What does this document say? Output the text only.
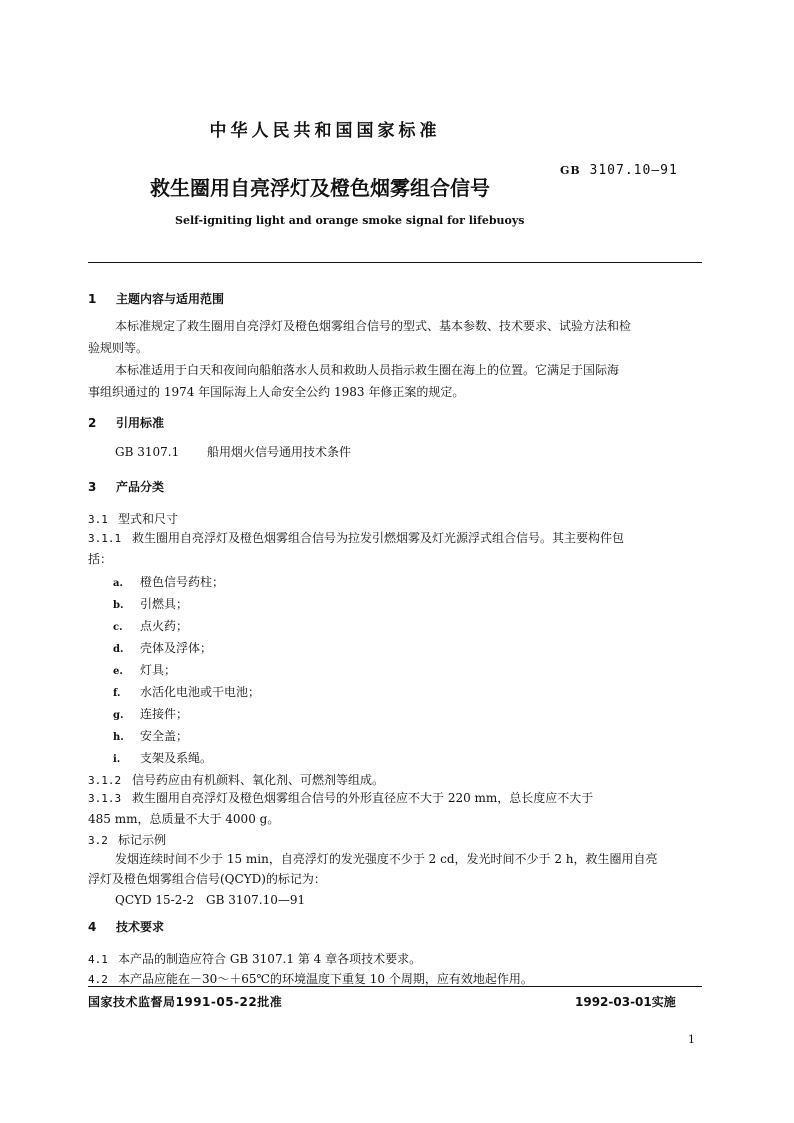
中华人民共和国国家标准
救生圈用自亮浮灯及橙色烟雾组合信号
GB 3107.10—91
Self-igniting light and orange smoke signal for lifebuoys
1 主题内容与适用范围
本标准规定了救生圈用自亮浮灯及橙色烟雾组合信号的型式、基本参数、技术要求、试验方法和检
验规则等。
本标准适用于白天和夜间向船舶落水人员和救助人员指示救生圈在海上的位置。它满足于国际海
事组织通过的 1974 年国际海上人命安全公约 1983 年修正案的规定。
2 引用标准
GB 3107.1 船用烟火信号通用技术条件
3 产品分类
3.1 型式和尺寸
3.1.1 救生圈用自亮浮灯及橙色烟雾组合信号为拉发引燃烟雾及灯光源浮式组合信号。其主要构件包
括：
a. 橙色信号药柱；
b. 引燃具；
c. 点火药；
d. 壳体及浮体；
e. 灯具；
f. 水活化电池或干电池；
g. 连接件；
h. 安全盖；
i. 支架及系绳。
3.1.2 信号药应由有机颜料、氧化剂、可燃剂等组成。
3.1.3 救生圈用自亮浮灯及橙色烟雾组合信号的外形直径应不大于 220 mm，总长度应不大于
485 mm，总质量不大于 4000 g。
3.2 标记示例
发烟连续时间不少于 15 min，自亮浮灯的发光强度不少于 2 cd，发光时间不少于 2 h，救生圈用自亮
浮灯及橙色烟雾组合信号(QCYD)的标记为：
QCYD 15-2-2　GB 3107.10—91
4 技术要求
4.1 本产品的制造应符合 GB 3107.1 第 4 章各项技术要求。
4.2 本产品应能在－30～＋65℃的环境温度下重复 10 个周期，应有效地起作用。
国家技术监督局1991-05-22批准	1992-03-01实施
1
